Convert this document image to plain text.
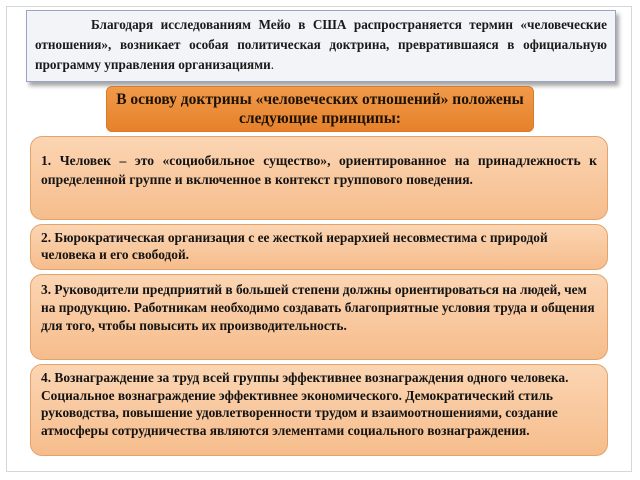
Благодаря исследованиям Мейо в США распространяется термин «человеческие отношения», возникает особая политическая доктрина, превратившаяся в официальную программу управления организациями.
В основу доктрины «человеческих отношений» положены следующие принципы:
1. Человек – это «социобильное существо», ориентированное на принадлежность к определенной группе и включенное в контекст группового поведения.
2. Бюрократическая организация с ее жесткой иерархией несовместима с природой человека и его свободой.
3. Руководители предприятий в большей степени должны ориентироваться на людей, чем на продукцию. Работникам необходимо создавать благоприятные условия труда и общения для того, чтобы повысить их производительность.
4. Вознаграждение за труд всей группы эффективнее вознаграждения одного человека. Социальное вознаграждение эффективнее экономического. Демократический стиль руководства, повышение удовлетворенности трудом и взаимоотношениями, создание атмосферы сотрудничества являются элементами социального вознаграждения.
